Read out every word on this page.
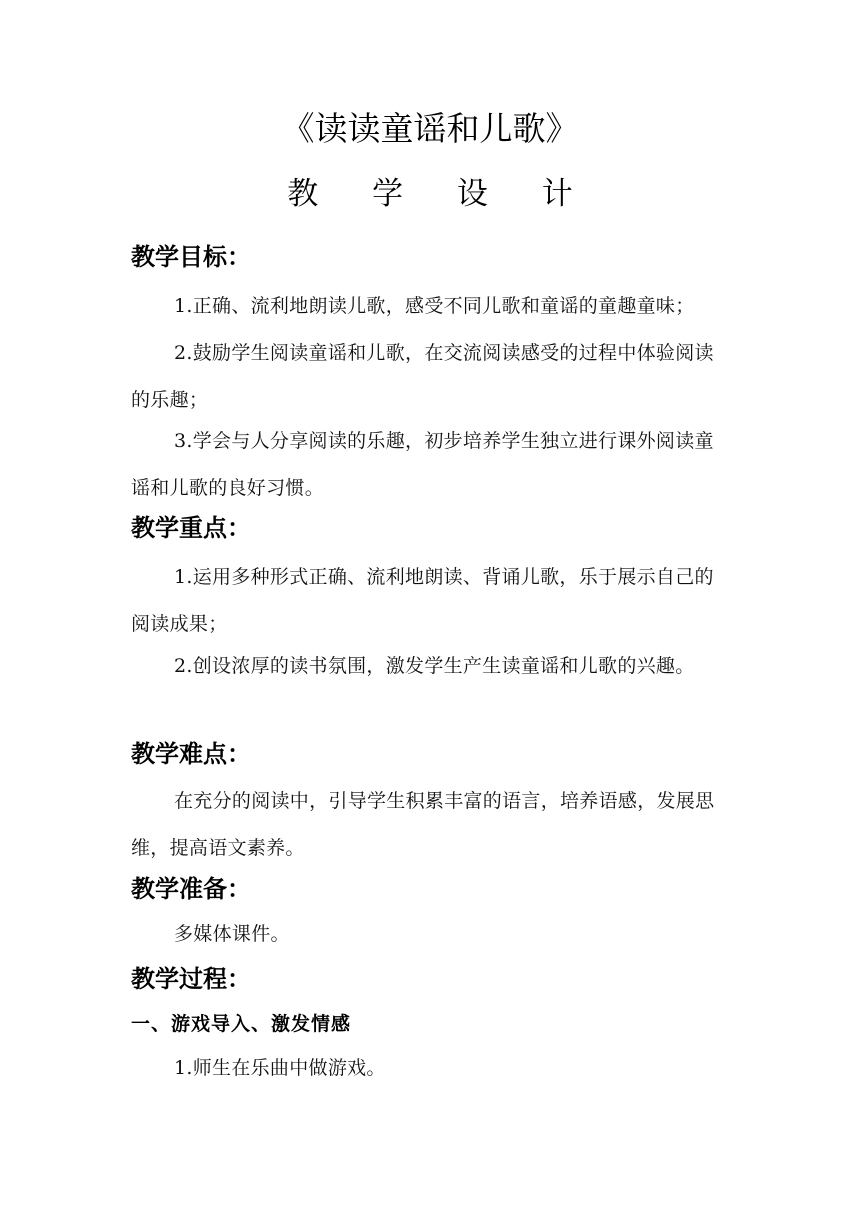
《读读童谣和儿歌》
教 学 设 计
教学目标：
1.正确、流利地朗读儿歌，感受不同儿歌和童谣的童趣童味；
2.鼓励学生阅读童谣和儿歌，在交流阅读感受的过程中体验阅读的乐趣；
3.学会与人分享阅读的乐趣，初步培养学生独立进行课外阅读童谣和儿歌的良好习惯。
教学重点：
1.运用多种形式正确、流利地朗读、背诵儿歌，乐于展示自己的阅读成果；
2.创设浓厚的读书氛围，激发学生产生读童谣和儿歌的兴趣。
教学难点：
在充分的阅读中，引导学生积累丰富的语言，培养语感，发展思维，提高语文素养。
教学准备：
多媒体课件。
教学过程：
一、游戏导入、激发情感
1.师生在乐曲中做游戏。
